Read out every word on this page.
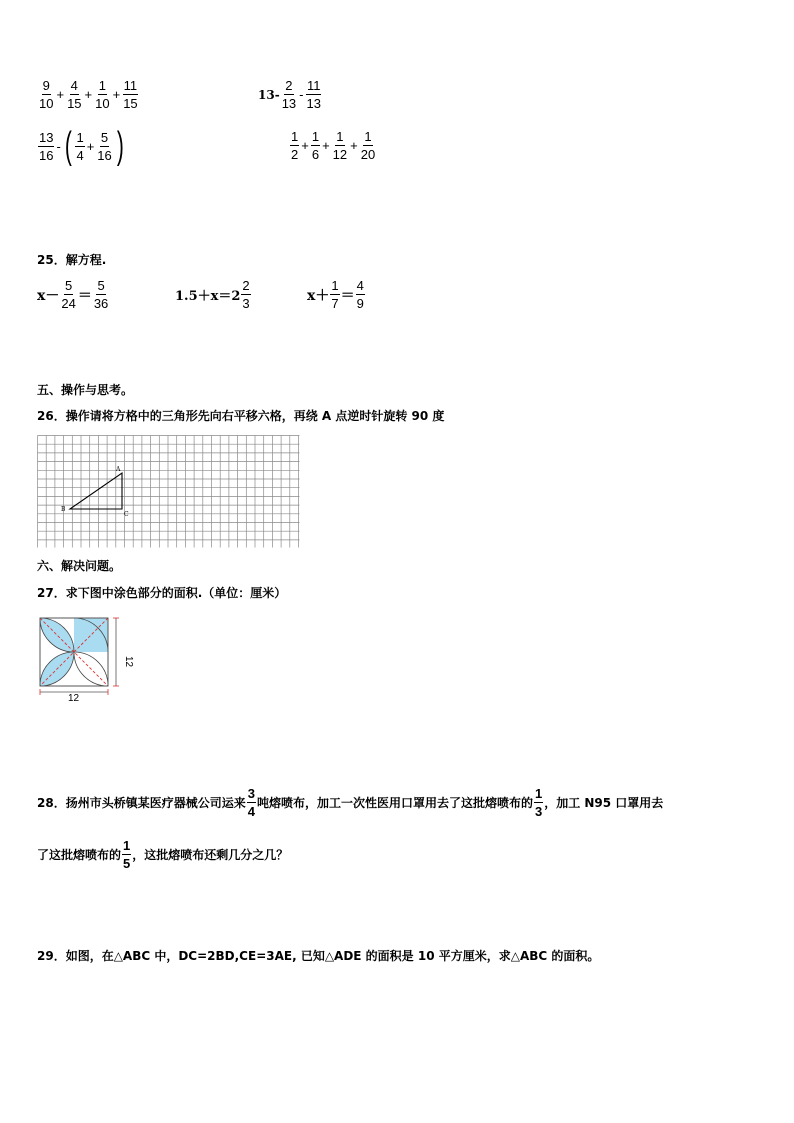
$\frac{9}{10} + \frac{4}{15} + \frac{1}{10} + \frac{11}{15}$	$13- \frac{2}{13} - \frac{11}{13}$
$\frac{13}{16}$ - ( $\frac{1}{4} + \frac{5}{16}$ )	$\frac{1}{2} + \frac{1}{6} + \frac{1}{12} + \frac{1}{20}$
25．解方程.
$x- \frac{5}{24} = \frac{5}{36}$	$1.5+x=2 \frac{2}{3}$	$x+ \frac{1}{7} = \frac{4}{9}$
五、操作与思考。
26．操作请将方格中的三角形先向右平移六格，再绕 A 点逆时针旋转 90 度
A
B
C
六、解决问题。
27．求下图中涂色部分的面积.（单位：厘米）
12
12
28．扬州市头桥镇某医疗器械公司运来 $\frac{3}{4}$ 吨熔喷布，加工一次性医用口罩用去了这批熔喷布的 $\frac{1}{3}$ ，加工 N95 口罩用去
了这批熔喷布的 $\frac{1}{5}$ ，这批熔喷布还剩几分之几？
29．如图，在△ABC 中，DC=2BD,CE=3AE, 已知△ADE 的面积是 10 平方厘米，求△ABC 的面积。
